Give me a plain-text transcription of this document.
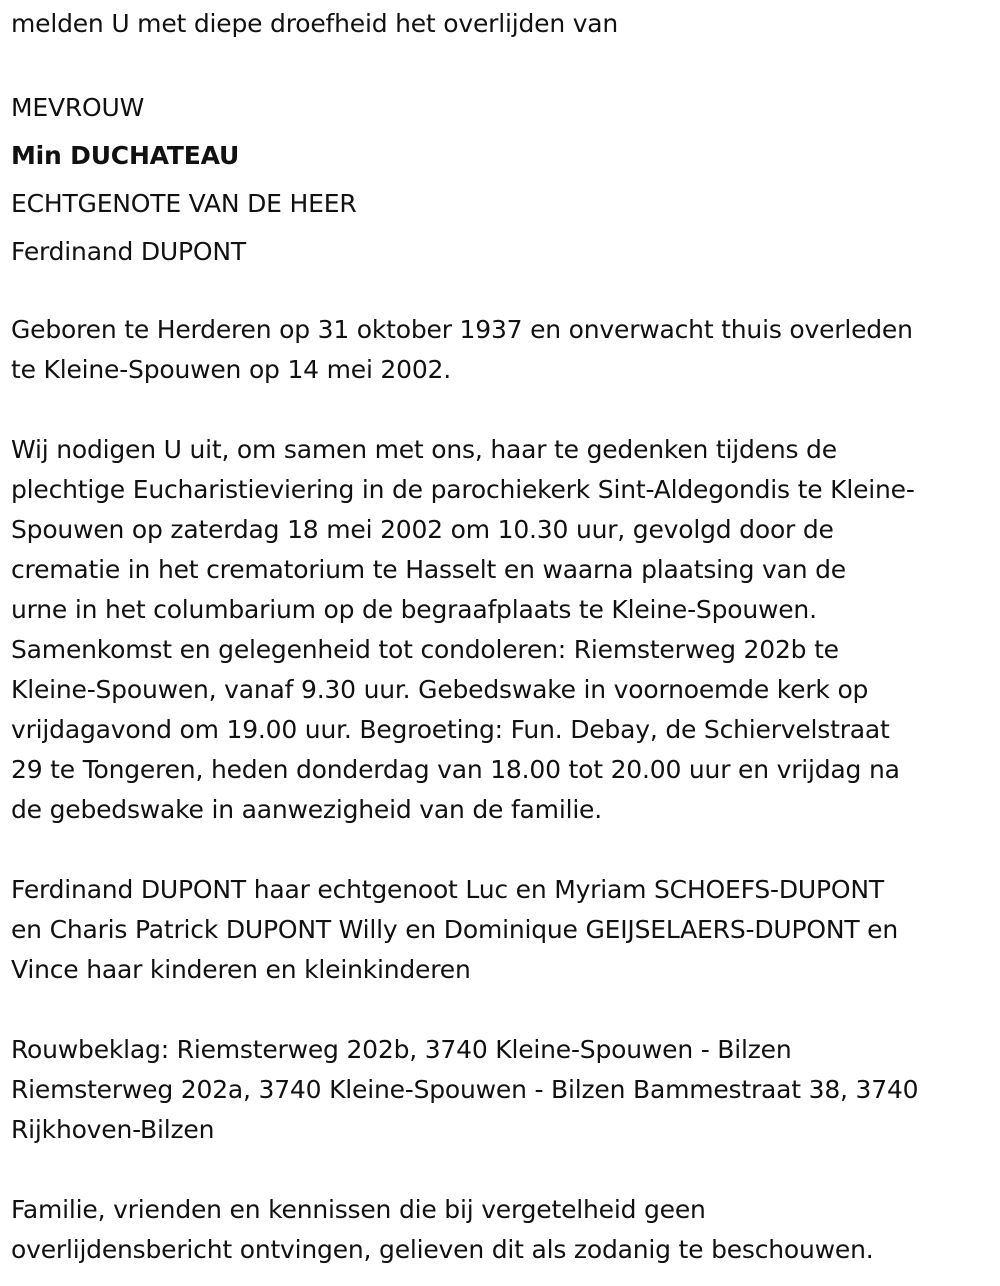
melden U met diepe droefheid het overlijden van

MEVROUW
Min DUCHATEAU
ECHTGENOTE VAN DE HEER
Ferdinand DUPONT

Geboren te Herderen op 31 oktober 1937 en onverwacht thuis overleden
te Kleine-Spouwen op 14 mei 2002.

Wij nodigen U uit, om samen met ons, haar te gedenken tijdens de
plechtige Eucharistieviering in de parochiekerk Sint-Aldegondis te Kleine-
Spouwen op zaterdag 18 mei 2002 om 10.30 uur, gevolgd door de
crematie in het crematorium te Hasselt en waarna plaatsing van de
urne in het columbarium op de begraafplaats te Kleine-Spouwen.
Samenkomst en gelegenheid tot condoleren: Riemsterweg 202b te
Kleine-Spouwen, vanaf 9.30 uur. Gebedswake in voornoemde kerk op
vrijdagavond om 19.00 uur. Begroeting: Fun. Debay, de Schiervelstraat
29 te Tongeren, heden donderdag van 18.00 tot 20.00 uur en vrijdag na
de gebedswake in aanwezigheid van de familie.

Ferdinand DUPONT haar echtgenoot Luc en Myriam SCHOEFS-DUPONT
en Charis Patrick DUPONT Willy en Dominique GEIJSELAERS-DUPONT en
Vince haar kinderen en kleinkinderen

Rouwbeklag: Riemsterweg 202b, 3740 Kleine-Spouwen - Bilzen
Riemsterweg 202a, 3740 Kleine-Spouwen - Bilzen Bammestraat 38, 3740
Rijkhoven-Bilzen

Familie, vrienden en kennissen die bij vergetelheid geen
overlijdensbericht ontvingen, gelieven dit als zodanig te beschouwen.
